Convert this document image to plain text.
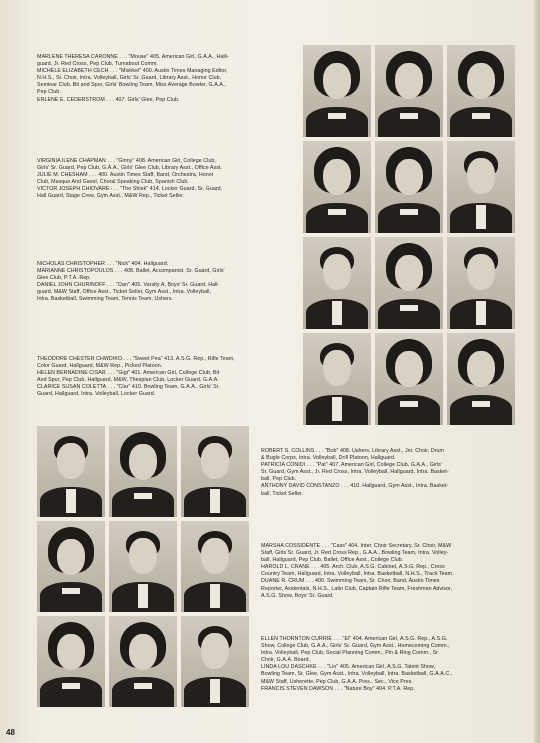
MARLENE THERESA CARONNE . . . "Mouse" 405. American Girl, G.A.A., Halli-

guard, Jr. Red Cross, Pep Club, Turnabout Comm.

MICHELE ELIZABETH CECH . . . "Mishkel" 400. Austin Times Managing Editor,

N.H.S., Sr. Choir, Intra. Volleyball, Girls' Sr. Guard, Library Asst., Honor Club,

Seminar Club, Bit and Spur, Girls' Bowling Team, Miss Average Bowler, G.A.A.,

Pep Club.

ERLENE E. CEDERSTROM . . . 407. Girls' Glee, Pep Club.

VIRGINIA ILENE CHAPMAN . . . "Ginny" 408. American Girl, College Club,

Girls' Sr. Guard, Pep Club, G.A.A., Girls' Glee Club, Library Asst., Office Asst.

JULIE M. CHESHAM . . . 400. Austin Times Staff, Band, Orchestra, Honor

Club, Masque And Gavel, Choral Speaking Club, Spanish Club.

VICTOR JOSEPH CHIOVARE . . . "The Shiek" 414. Locker Guard, Sr. Guard,

Hall Guard, Stage Crew, Gym Asst., M&W Rep., Ticket Seller.

NICHOLAS CHRISTOPHER . . . "Nick" 404. Hallguard.

MARIANNE CHRISTOPOULOS . . . 408. Ballet, Accompanist, Sr. Guard, Girls'

Glee Club, P.T.A. Rep.

DANIEL JOHN CHURINOFF . . . "Dan" 405. Varsity A, Boys' Sr. Guard, Hall-

guard, M&W Staff, Office Asst., Ticket Seller, Gym Asst., Intra. Volleyball,

Intra. Basketball, Swimming Team, Tennis Team, Ushers.

THEODORE CHESTER CHWDIKO . . . "Sweet Pea" 413. A.S.G. Rep., Rifle Team,

Color Guard, Hallguard, M&W Rep., Picked Platoon.

HELEN BERNADINE CISAR . . . "Gigi" 401. American Girl, College Club, Bit

And Spur, Pep Club, Hallguard, M&W, Thespian Club, Locker Guard, G.A.A.

CLARICE SUSAN COLETTA . . . "Clar" 410. Bowling Team, G.A.A., Girls' Sr.

Guard, Hallguard, Intra. Volleyball, Locker Guard.

ROBERT S. COLLINS . . . "Bob" 408. Ushers, Library Asst., Jnr. Choir, Drum

& Bugle Corps, Intra. Volleyball, Drill Platoon, Hallguard.

PATRICIA CONIDI . . . "Pat" 407. American Girl, College Club, G.A.A., Girls'

Sr. Guard, Gym Asst., Jr. Red Cross, Intra. Volleyball, Hallguard, Intra. Basket-

ball, Pep Club.

ANTHONY DAVID CONSTANZO . . . 410. Hallguard, Gym Asst., Intra. Basket-

ball, Ticket Seller.

MARSHA COSSIDENTE . . . "Cass" 404. Inter. Choir Secretary, Sr. Choir, M&W

Staff, Girls Sr. Guard, Jr. Red Cross Rep., G.A.A., Bowling Team, Intra. Volley-

ball, Hallguard, Pep Club, Ballet, Office Asst., College Club.

HAROLD L. CRANE . . . 405. Arch. Club, A.S.G. Cabinet, A.S.G. Rep., Cross

Country Team, Hallguard, Intra. Volleyball, Intra. Basketball, N.H.S., Track Team.

DUANE R. CRUM . . . 400. Swimming Team, Sr. Choir, Band, Austin Times

Reporter, Axidentals, N.H.S., Latin Club, Captain Rifle Team, Freshman Advisor,

A.S.G. Show, Boys' Sr. Guard.

ELLEN THORNTON CURRIE . . . "El" 404. American Girl, A.S.G. Rep., A.S.G.

Show, College Club, G.A.A., Girls' Sr. Guard, Gym Asst., Homecoming Comm.,

Intra. Volleyball, Pep Club, Social Planning Comm., Pin & Ring Comm., Sr.

Choir, G.A.A. Board.

LINDA LOU DASCHKE . . . "Lin" 405. American Girl, A.S.G. Talent Show,

Bowling Team, Sr. Glee, Gym Asst., Intra. Volleyball, Intra. Basketball, G.A.A.C.,

M&W Staff, Usherette, Pep Club, G.A.A. Pres., Sec., Vice Pres.

FRANCIS STEVEN DAWSON . . . "Nature Boy" 404. P.T.A. Rep.

48
